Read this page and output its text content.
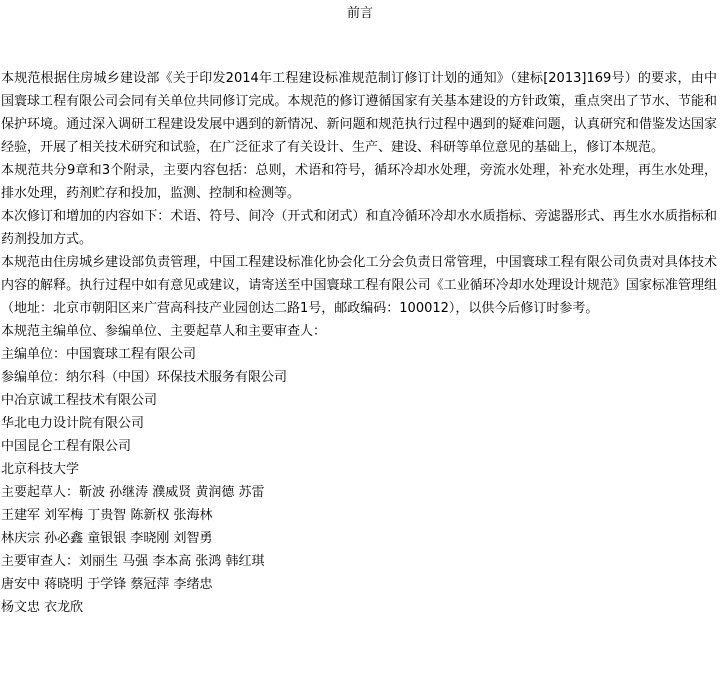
前言

本规范根据住房城乡建设部《关于印发2014年工程建设标准规范制订修订计划的通知》（建标[2013]169号）的要求，由中国寰球工程有限公司会同有关单位共同修订完成。本规范的修订遵循国家有关基本建设的方针政策，重点突出了节水、节能和保护环境。通过深入调研工程建设发展中遇到的新情况、新问题和规范执行过程中遇到的疑难问题，认真研究和借鉴发达国家经验，开展了相关技术研究和试验，在广泛征求了有关设计、生产、建设、科研等单位意见的基础上，修订本规范。

本规范共分9章和3个附录，主要内容包括：总则，术语和符号，循环冷却水处理，旁流水处理，补充水处理，再生水处理，排水处理，药剂贮存和投加，监测、控制和检测等。

本次修订和增加的内容如下：术语、符号、间冷（开式和闭式）和直冷循环冷却水水质指标、旁滤器形式、再生水水质指标和药剂投加方式。

本规范由住房城乡建设部负责管理，中国工程建设标准化协会化工分会负责日常管理，中国寰球工程有限公司负责对具体技术内容的解释。执行过程中如有意见或建议，请寄送至中国寰球工程有限公司《工业循环冷却水处理设计规范》国家标准管理组（地址：北京市朝阳区来广营高科技产业园创达二路1号，邮政编码：100012），以供今后修订时参考。

本规范主编单位、参编单位、主要起草人和主要审查人：

主编单位：中国寰球工程有限公司

参编单位：纳尔科（中国）环保技术服务有限公司

中冶京诚工程技术有限公司

华北电力设计院有限公司

中国昆仑工程有限公司

北京科技大学

主要起草人：靳波 孙继涛 濮威贤 黄润德 苏雷

王建军 刘军梅 丁贵智 陈新权 张海林

林庆宗 孙必鑫 童银银 李晓刚 刘智勇

主要审查人：刘丽生 马强 李本高 张鸿 韩红琪

唐安中 蒋晓明 于学锋 蔡冠萍 李绪忠

杨文忠 衣龙欣
